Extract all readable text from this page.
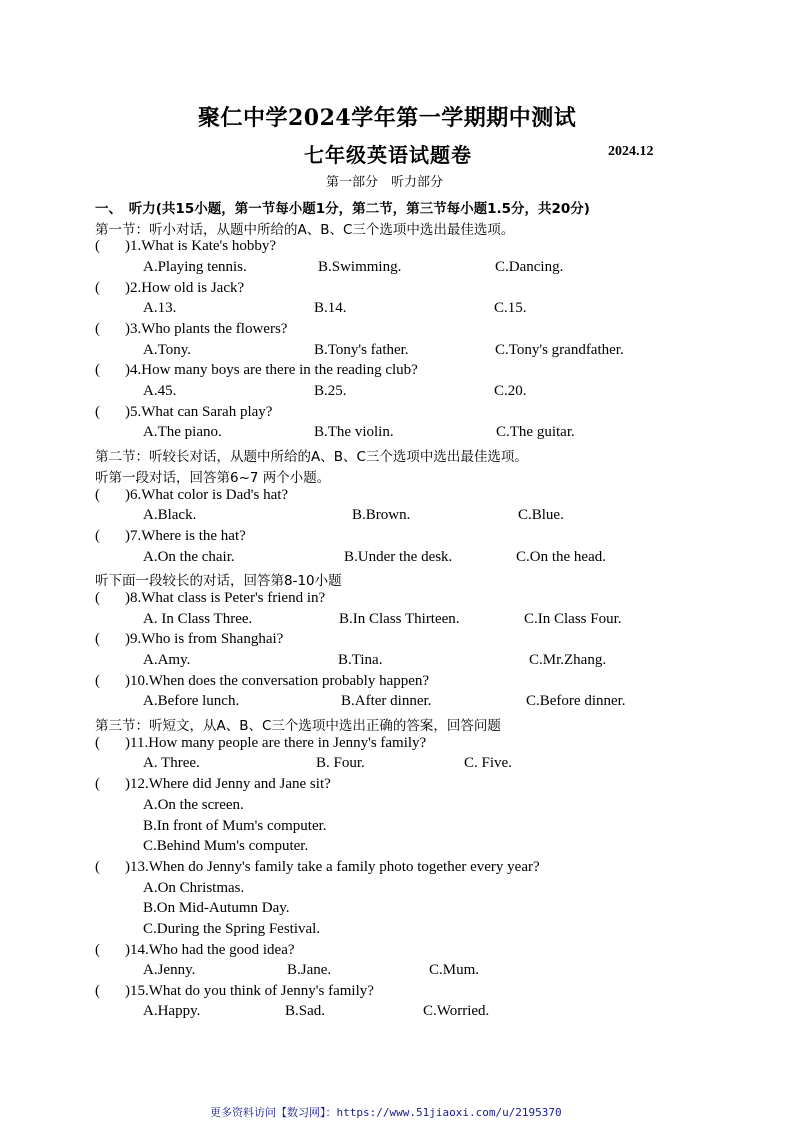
聚仁中学2024学年第一学期期中测试
七年级英语试题卷	2024.12
第一部分　听力部分
一、　听力(共15小题，第一节每小题1分，第二节，第三节每小题1.5分，共20分)
第一节：听小对话，从题中所给的A、B、C三个选项中选出最佳选项。
( )1.What is Kate's hobby?
A.Playing tennis.	B.Swimming.	C.Dancing.
( )2.How old is Jack?
A.13.	B.14.	C.15.
( )3.Who plants the flowers?
A.Tony.	B.Tony's father.	C.Tony's grandfather.
( )4.How many boys are there in the reading club?
A.45.	B.25.	C.20.
( )5.What can Sarah play?
A.The piano.	B.The violin.	C.The guitar.
第二节：听较长对话，从题中所给的A、B、C三个选项中选出最佳选项。
听第一段对话，回答第6~7 两个小题。
( )6.What color is Dad's hat?
A.Black.	B.Brown.	C.Blue.
( )7.Where is the hat?
A.On the chair.	B.Under the desk.	C.On the head.
听下面一段较长的对话，回答第8-10小题
( )8.What class is Peter's friend in?
A. In Class Three.	B.In Class Thirteen.	C.In Class Four.
( )9.Who is from Shanghai?
A.Amy.	B.Tina.	C.Mr.Zhang.
( )10.When does the conversation probably happen?
A.Before lunch.	B.After dinner.	C.Before dinner.
第三节：听短文，从A、B、C三个选项中选出正确的答案，回答问题
( )11.How many people are there in Jenny's family?
A. Three.	B. Four.	C. Five.
( )12.Where did Jenny and Jane sit?
A.On the screen.
B.In front of Mum's computer.
C.Behind Mum's computer.
( )13.When do Jenny's family take a family photo together every year?
A.On Christmas.
B.On Mid-Autumn Day.
C.During the Spring Festival.
( )14.Who had the good idea?
A.Jenny.	B.Jane.	C.Mum.
( )15.What do you think of Jenny's family?
A.Happy.	B.Sad.	C.Worried.
更多资料访问【数习网】：https://www.51jiaoxi.com/u/2195370
